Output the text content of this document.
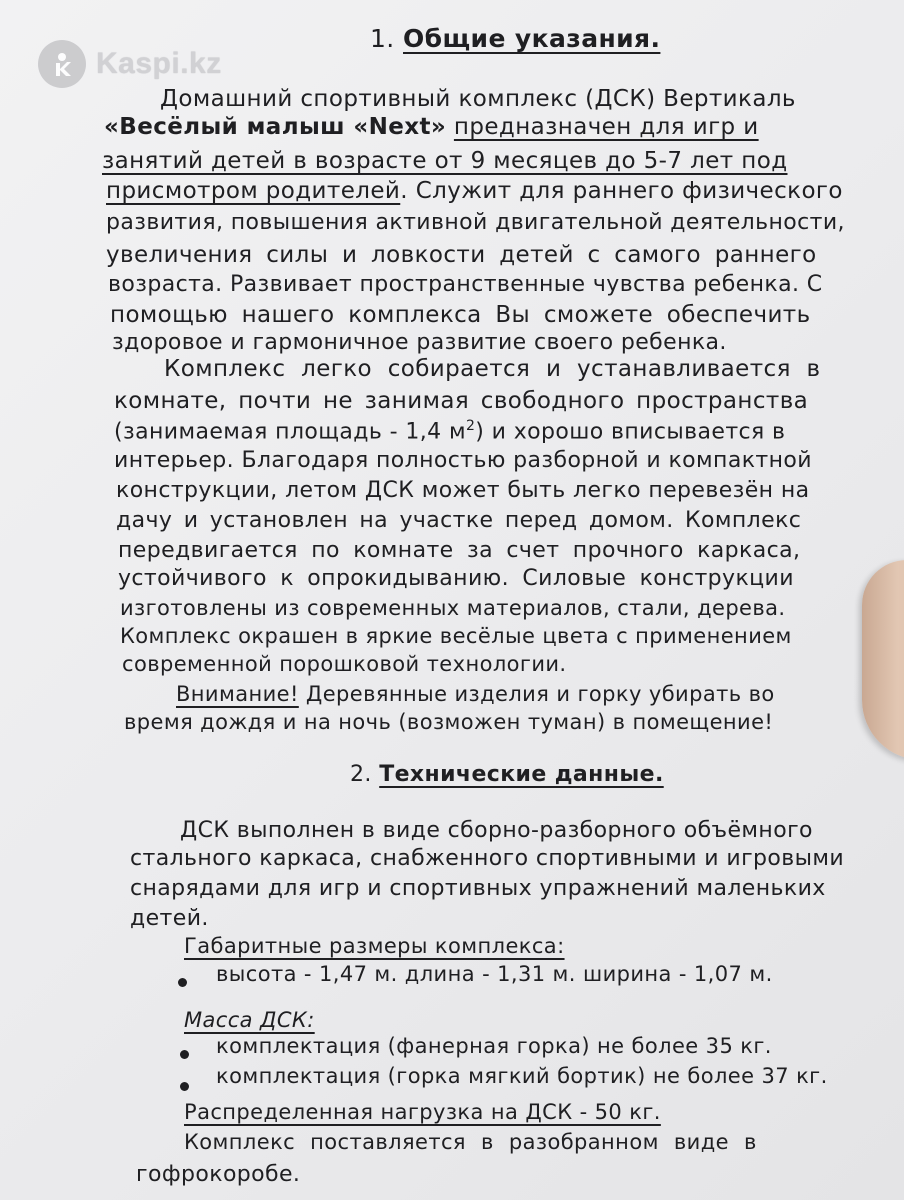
Kaspi.kz
1. Общие указания.
Домашний спортивный комплекс (ДСК) Вертикаль
«Весёлый малыш «Next» предназначен для игр и
занятий детей в возрасте от 9 месяцев до 5-7 лет под
присмотром родителей. Служит для раннего физического
развития, повышения активной двигательной деятельности,
увеличения силы и ловкости детей с самого раннего
возраста. Развивает пространственные чувства ребенка. С
помощью нашего комплекса Вы сможете обеспечить
здоровое и гармоничное развитие своего ребенка.
Комплекс легко собирается и устанавливается в
комнате, почти не занимая свободного пространства
(занимаемая площадь - 1,4 $м^2$) и хорошо вписывается в
интерьер. Благодаря полностью разборной и компактной
конструкции, летом ДСК может быть легко перевезён на
дачу и установлен на участке перед домом. Комплекс
передвигается по комнате за счет прочного каркаса,
устойчивого к опрокидыванию. Силовые конструкции
изготовлены из современных материалов, стали, дерева.
Комплекс окрашен в яркие весёлые цвета с применением
современной порошковой технологии.
Внимание! Деревянные изделия и горку убирать во
время дождя и на ночь (возможен туман) в помещение!
2. Технические данные.
ДСК выполнен в виде сборно-разборного объёмного
стального каркаса, снабженного спортивными и игровыми
снарядами для игр и спортивных упражнений маленьких
детей.
Габаритные размеры комплекса:
высота - 1,47 м. длина - 1,31 м. ширина - 1,07 м.
Масса ДСК:
комплектация (фанерная горка) не более 35 кг.
комплектация (горка мягкий бортик) не более 37 кг.
Распределенная нагрузка на ДСК - 50 кг.
Комплекс поставляется в разобранном виде в
гофрокоробе.
